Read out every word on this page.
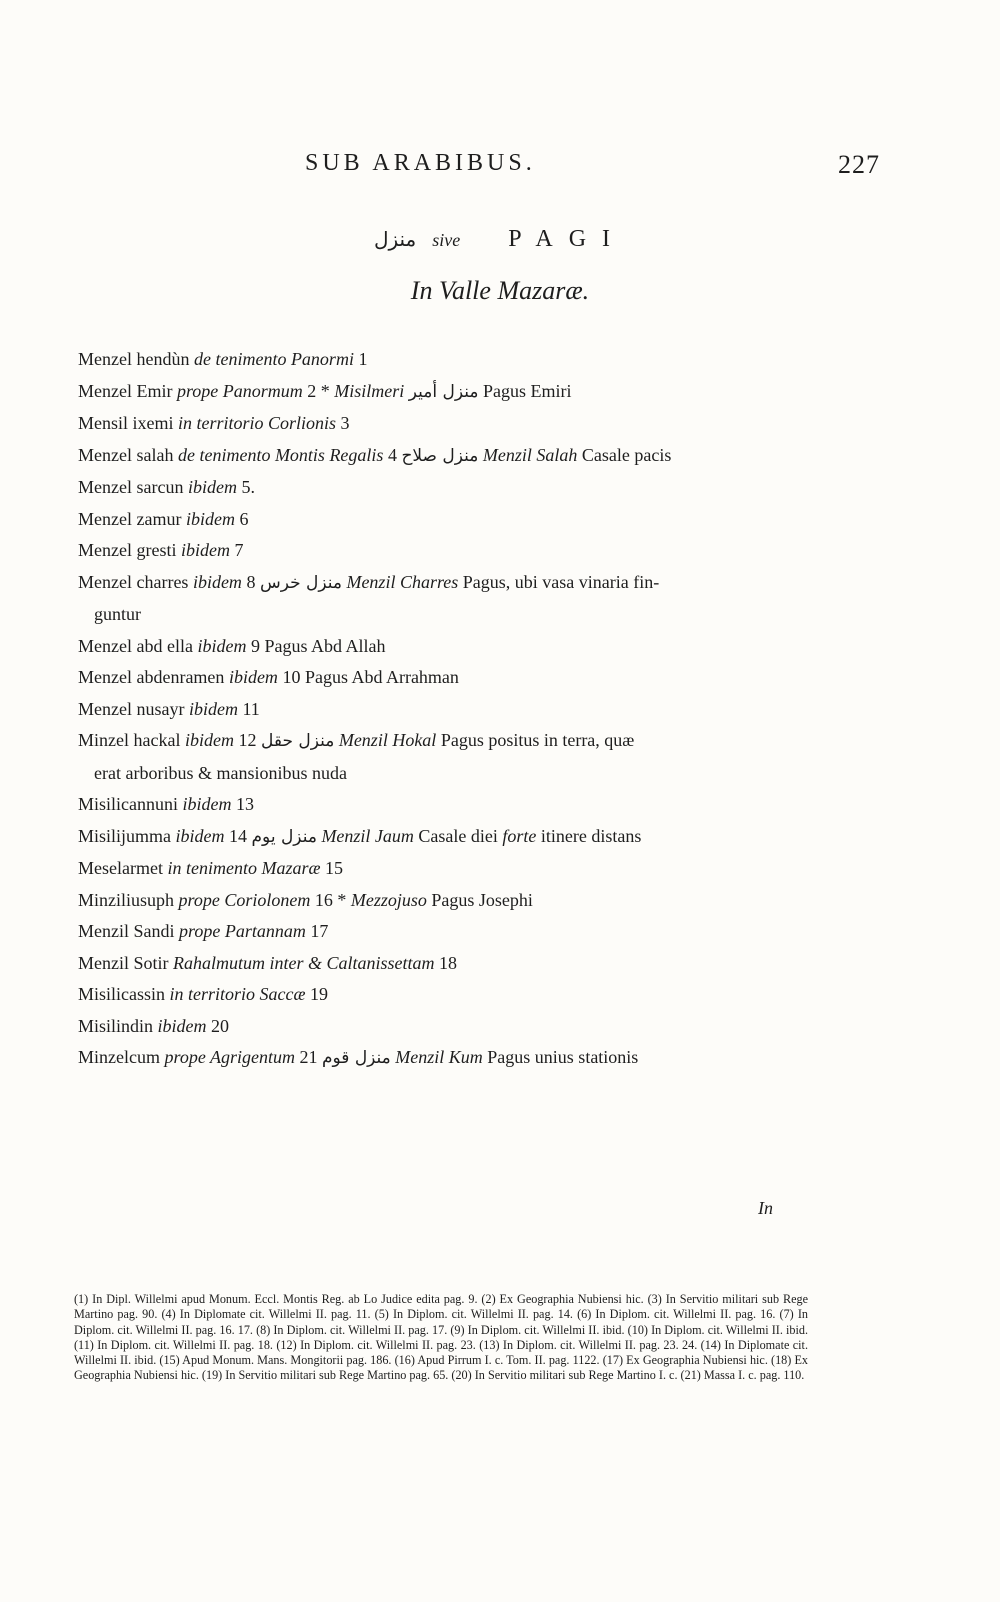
SUB ARABIBUS.	227
منزل sive PAGI
In Valle Mazaræ.
Menzel hendùn de tenimento Panormi 1
Menzel Emir prope Panormum 2 * Misilmeri منزل أمير Pagus Emiri
Mensil ixemi in territorio Corlionis 3
Menzel salah de tenimento Montis Regalis 4 منزل صلاح Menzil Salah Casale pacis
Menzel sarcun ibidem 5.
Menzel zamur ibidem 6
Menzel gresti ibidem 7
Menzel charres ibidem 8 منزل خرس Menzil Charres Pagus, ubi vasa vinaria fin-
guntur
Menzel abd ella ibidem 9 Pagus Abd Allah
Menzel abdenramen ibidem 10 Pagus Abd Arrahman
Menzel nusayr ibidem 11
Minzel hackal ibidem 12 منزل حقل Menzil Hokal Pagus positus in terra, quæ
erat arboribus & mansionibus nuda
Misilicannuni ibidem 13
Misilijumma ibidem 14 منزل يوم Menzil Jaum Casale diei forte itinere distans
Meselarmet in tenimento Mazaræ 15
Minziliusuph prope Coriolonem 16 * Mezzojuso Pagus Josephi
Menzil Sandi prope Partannam 17
Menzil Sotir Rahalmutum inter & Caltanissettam 18
Misilicassin in territorio Saccæ 19
Misilindin ibidem 20
Minzelcum prope Agrigentum 21 منزل قوم Menzil Kum Pagus unius stationis
In
(1) In Dipl. Willelmi apud Monum. Eccl. Montis Reg. ab Lo Judice edita pag. 9. (2) Ex Geographia Nubiensi hic. (3) In Servitio militari sub Rege Martino pag. 90. (4) In Diplomate cit. Willelmi II. pag. 11. (5) In Diplom. cit. Willelmi II. pag. 14. (6) In Diplom. cit. Willelmi II. pag. 16. (7) In Diplom. cit. Willelmi II. pag. 16. 17. (8) In Diplom. cit. Willelmi II. pag. 17. (9) In Diplom. cit. Willelmi II. ibid. (10) In Diplom. cit. Willelmi II. ibid. (11) In Diplom. cit. Willelmi II. pag. 18. (12) In Diplom. cit. Willelmi II. pag. 23. (13) In Diplom. cit. Willelmi II. pag. 23. 24. (14) In Diplomate cit. Willelmi II. ibid. (15) Apud Monum. Mans. Mongitorii pag. 186. (16) Apud Pirrum I. c. Tom. II. pag. 1122. (17) Ex Geographia Nubiensi hic. (18) Ex Geographia Nubiensi hic. (19) In Servitio militari sub Rege Martino pag. 65. (20) In Servitio militari sub Rege Martino I. c. (21) Massa I. c. pag. 110.
